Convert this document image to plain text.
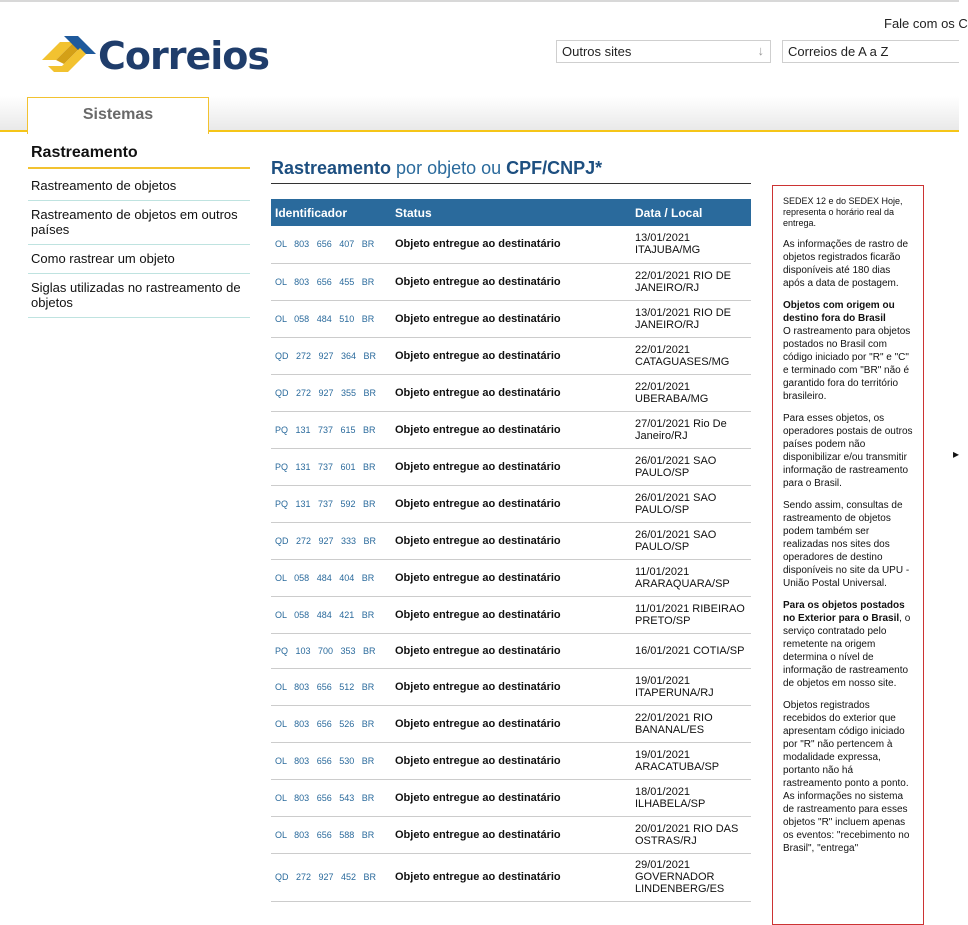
Correios
Fale com os C
Outros sites	↓	Correios de A a Z
Sistemas
Rastreamento
Rastreamento de objetos
Rastreamento de objetos em outros países
Como rastrear um objeto
Siglas utilizadas no rastreamento de objetos
Rastreamento por objeto ou CPF/CNPJ*
Identificador	Status	Data / Local
OL 803 656 407 BR	Objeto entregue ao destinatário	13/01/2021 ITAJUBA/MG
OL 803 656 455 BR	Objeto entregue ao destinatário	22/01/2021 RIO DE JANEIRO/RJ
OL 058 484 510 BR	Objeto entregue ao destinatário	13/01/2021 RIO DE JANEIRO/RJ
QD 272 927 364 BR	Objeto entregue ao destinatário	22/01/2021 CATAGUASES/MG
QD 272 927 355 BR	Objeto entregue ao destinatário	22/01/2021 UBERABA/MG
PQ 131 737 615 BR	Objeto entregue ao destinatário	27/01/2021 Rio De Janeiro/RJ
PQ 131 737 601 BR	Objeto entregue ao destinatário	26/01/2021 SAO PAULO/SP
PQ 131 737 592 BR	Objeto entregue ao destinatário	26/01/2021 SAO PAULO/SP
QD 272 927 333 BR	Objeto entregue ao destinatário	26/01/2021 SAO PAULO/SP
OL 058 484 404 BR	Objeto entregue ao destinatário	11/01/2021 ARARAQUARA/SP
OL 058 484 421 BR	Objeto entregue ao destinatário	11/01/2021 RIBEIRAO PRETO/SP
PQ 103 700 353 BR	Objeto entregue ao destinatário	16/01/2021 COTIA/SP
OL 803 656 512 BR	Objeto entregue ao destinatário	19/01/2021 ITAPERUNA/RJ
OL 803 656 526 BR	Objeto entregue ao destinatário	22/01/2021 RIO BANANAL/ES
OL 803 656 530 BR	Objeto entregue ao destinatário	19/01/2021 ARACATUBA/SP
OL 803 656 543 BR	Objeto entregue ao destinatário	18/01/2021 ILHABELA/SP
OL 803 656 588 BR	Objeto entregue ao destinatário	20/01/2021 RIO DAS OSTRAS/RJ
QD 272 927 452 BR	Objeto entregue ao destinatário	29/01/2021 GOVERNADOR LINDENBERG/ES

SEDEX 12 e do SEDEX Hoje, representa o horário real da entrega.

As informações de rastro de objetos registrados ficarão disponíveis até 180 dias após a data de postagem.

Objetos com origem ou destino fora do Brasil
O rastreamento para objetos postados no Brasil com código iniciado por "R" e "C" e terminado com "BR" não é garantido fora do território brasileiro.

Para esses objetos, os operadores postais de outros países podem não disponibilizar e/ou transmitir informação de rastreamento para o Brasil.

Sendo assim, consultas de rastreamento de objetos podem também ser realizadas nos sites dos operadores de destino disponíveis no site da UPU - União Postal Universal.

Para os objetos postados no Exterior para o Brasil, o serviço contratado pelo remetente na origem determina o nível de informação de rastreamento de objetos em nosso site.

Objetos registrados recebidos do exterior que apresentam código iniciado por "R" não pertencem à modalidade expressa, portanto não há rastreamento ponto a ponto. As informações no sistema de rastreamento para esses objetos "R" incluem apenas os eventos: "recebimento no Brasil", "entrega"

▸
